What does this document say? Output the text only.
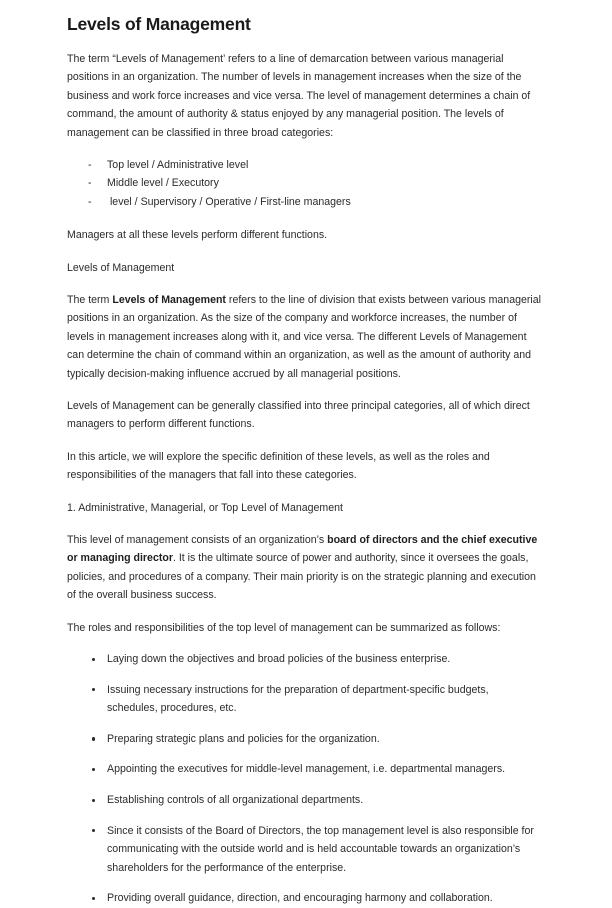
Levels of Management

The term “Levels of Management’ refers to a line of demarcation between various managerial positions in an organization. The number of levels in management increases when the size of the business and work force increases and vice versa. The level of management determines a chain of command, the amount of authority & status enjoyed by any managerial position. The levels of management can be classified in three broad categories:

- Top level / Administrative level
- Middle level / Executory
-  level / Supervisory / Operative / First-line managers

Managers at all these levels perform different functions.

Levels of Management

The term Levels of Management refers to the line of division that exists between various managerial positions in an organization. As the size of the company and workforce increases, the number of levels in management increases along with it, and vice versa. The different Levels of Management can determine the chain of command within an organization, as well as the amount of authority and typically decision-making influence accrued by all managerial positions.

Levels of Management can be generally classified into three principal categories, all of which direct managers to perform different functions.

In this article, we will explore the specific definition of these levels, as well as the roles and responsibilities of the managers that fall into these categories.

1. Administrative, Managerial, or Top Level of Management

This level of management consists of an organization’s board of directors and the chief executive or managing director. It is the ultimate source of power and authority, since it oversees the goals, policies, and procedures of a company. Their main priority is on the strategic planning and execution of the overall business success.

The roles and responsibilities of the top level of management can be summarized as follows:

Laying down the objectives and broad policies of the business enterprise.
Issuing necessary instructions for the preparation of department-specific budgets, schedules, procedures, etc.
Preparing strategic plans and policies for the organization.
Appointing the executives for middle-level management, i.e. departmental managers.
Establishing controls of all organizational departments.
Since it consists of the Board of Directors, the top management level is also responsible for communicating with the outside world and is held accountable towards an organization’s shareholders for the performance of the enterprise.
Providing overall guidance, direction, and encouraging harmony and collaboration.
